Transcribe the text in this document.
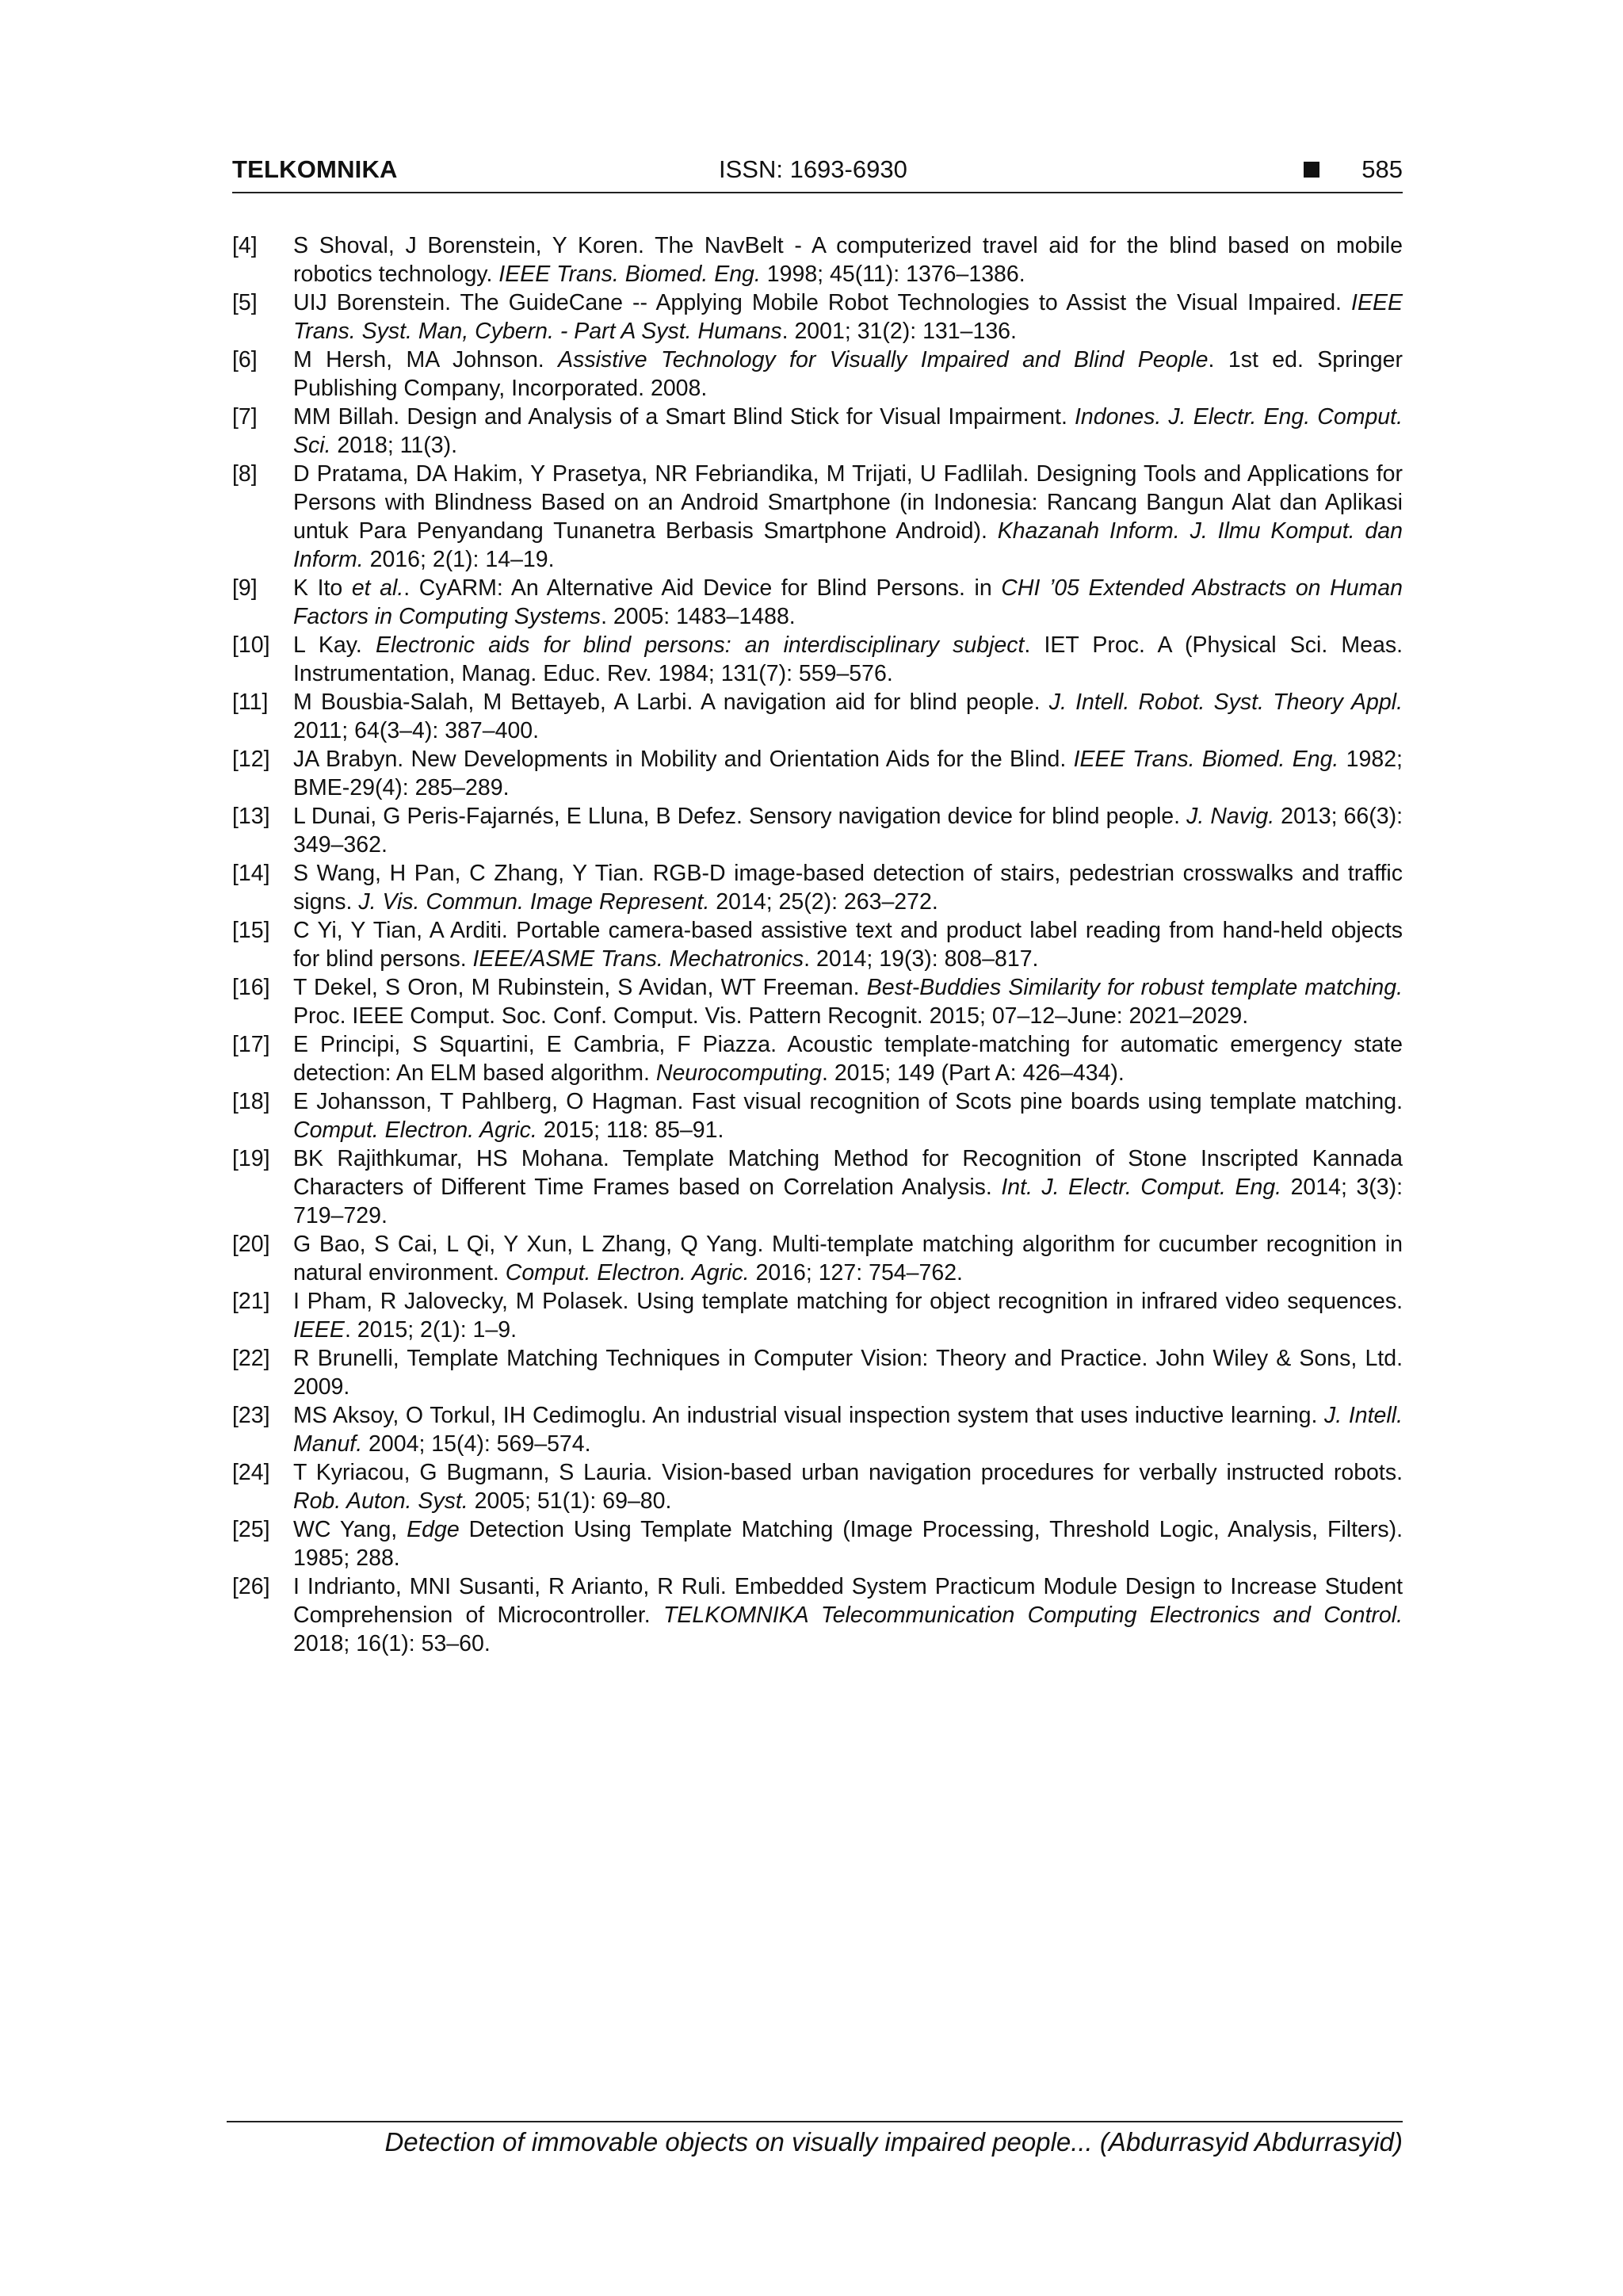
TELKOMNIKA	ISSN: 1693-6930	585
[4] S Shoval, J Borenstein, Y Koren. The NavBelt - A computerized travel aid for the blind based on mobile robotics technology. IEEE Trans. Biomed. Eng. 1998; 45(11): 1376–1386.
[5] UIJ Borenstein. The GuideCane -- Applying Mobile Robot Technologies to Assist the Visual Impaired. IEEE Trans. Syst. Man, Cybern. - Part A Syst. Humans. 2001; 31(2): 131–136.
[6] M Hersh, MA Johnson. Assistive Technology for Visually Impaired and Blind People. 1st ed. Springer Publishing Company, Incorporated. 2008.
[7] MM Billah. Design and Analysis of a Smart Blind Stick for Visual Impairment. Indones. J. Electr. Eng. Comput. Sci. 2018; 11(3).
[8] D Pratama, DA Hakim, Y Prasetya, NR Febriandika, M Trijati, U Fadlilah. Designing Tools and Applications for Persons with Blindness Based on an Android Smartphone (in Indonesia: Rancang Bangun Alat dan Aplikasi untuk Para Penyandang Tunanetra Berbasis Smartphone Android). Khazanah Inform. J. Ilmu Komput. dan Inform. 2016; 2(1): 14–19.
[9] K Ito et al.. CyARM: An Alternative Aid Device for Blind Persons. in CHI ’05 Extended Abstracts on Human Factors in Computing Systems. 2005: 1483–1488.
[10] L Kay. Electronic aids for blind persons: an interdisciplinary subject. IET Proc. A (Physical Sci. Meas. Instrumentation, Manag. Educ. Rev. 1984; 131(7): 559–576.
[11] M Bousbia-Salah, M Bettayeb, A Larbi. A navigation aid for blind people. J. Intell. Robot. Syst. Theory Appl. 2011; 64(3–4): 387–400.
[12] JA Brabyn. New Developments in Mobility and Orientation Aids for the Blind. IEEE Trans. Biomed. Eng. 1982; BME-29(4): 285–289.
[13] L Dunai, G Peris-Fajarnés, E Lluna, B Defez. Sensory navigation device for blind people. J. Navig. 2013; 66(3): 349–362.
[14] S Wang, H Pan, C Zhang, Y Tian. RGB-D image-based detection of stairs, pedestrian crosswalks and traffic signs. J. Vis. Commun. Image Represent. 2014; 25(2): 263–272.
[15] C Yi, Y Tian, A Arditi. Portable camera-based assistive text and product label reading from hand-held objects for blind persons. IEEE/ASME Trans. Mechatronics. 2014; 19(3): 808–817.
[16] T Dekel, S Oron, M Rubinstein, S Avidan, WT Freeman. Best-Buddies Similarity for robust template matching. Proc. IEEE Comput. Soc. Conf. Comput. Vis. Pattern Recognit. 2015; 07–12–June: 2021–2029.
[17] E Principi, S Squartini, E Cambria, F Piazza. Acoustic template-matching for automatic emergency state detection: An ELM based algorithm. Neurocomputing. 2015; 149 (Part A: 426–434).
[18] E Johansson, T Pahlberg, O Hagman. Fast visual recognition of Scots pine boards using template matching. Comput. Electron. Agric. 2015; 118: 85–91.
[19] BK Rajithkumar, HS Mohana. Template Matching Method for Recognition of Stone Inscripted Kannada Characters of Different Time Frames based on Correlation Analysis. Int. J. Electr. Comput. Eng. 2014; 3(3): 719–729.
[20] G Bao, S Cai, L Qi, Y Xun, L Zhang, Q Yang. Multi-template matching algorithm for cucumber recognition in natural environment. Comput. Electron. Agric. 2016; 127: 754–762.
[21] I Pham, R Jalovecky, M Polasek. Using template matching for object recognition in infrared video sequences. IEEE. 2015; 2(1): 1–9.
[22] R Brunelli, Template Matching Techniques in Computer Vision: Theory and Practice. John Wiley & Sons, Ltd. 2009.
[23] MS Aksoy, O Torkul, IH Cedimoglu. An industrial visual inspection system that uses inductive learning. J. Intell. Manuf. 2004; 15(4): 569–574.
[24] T Kyriacou, G Bugmann, S Lauria. Vision-based urban navigation procedures for verbally instructed robots. Rob. Auton. Syst. 2005; 51(1): 69–80.
[25] WC Yang, Edge Detection Using Template Matching (Image Processing, Threshold Logic, Analysis, Filters). 1985; 288.
[26] I Indrianto, MNI Susanti, R Arianto, R Ruli. Embedded System Practicum Module Design to Increase Student Comprehension of Microcontroller. TELKOMNIKA Telecommunication Computing Electronics and Control. 2018; 16(1): 53–60.
Detection of immovable objects on visually impaired people... (Abdurrasyid Abdurrasyid)
